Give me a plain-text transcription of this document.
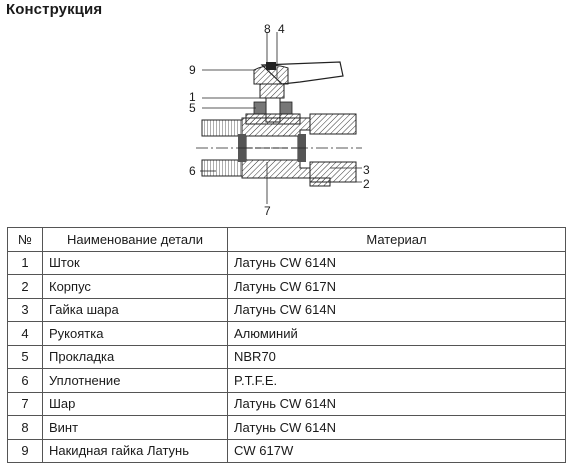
Конструкция
8 4
9
1
5
6	3
2
7
№	Наименование детали	Материал
1	Шток	Латунь CW 614N
2	Корпус	Латунь CW 617N
3	Гайка шара	Латунь CW 614N
4	Рукоятка	Алюминий
5	Прокладка	NBR70
6	Уплотнение	P.T.F.E.
7	Шар	Латунь CW 614N
8	Винт	Латунь CW 614N
9	Накидная гайка Латунь	CW 617W
